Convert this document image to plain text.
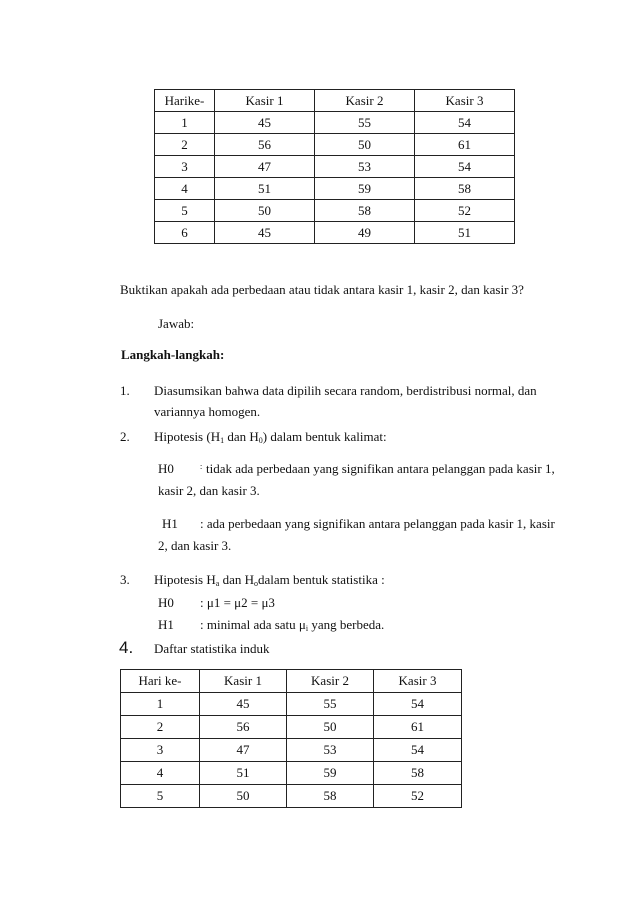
Harike-	Kasir 1	Kasir 2	Kasir 3
1	45	55	54
2	56	50	61
3	47	53	54
4	51	59	58
5	50	58	52
6	45	49	51
Buktikan apakah ada perbedaan atau tidak antara kasir 1, kasir 2, dan kasir 3?
Jawab:
Langkah-langkah:
1. Diasumsikan bahwa data dipilih secara random, berdistribusi normal, dan
variannya homogen.
2. Hipotesis ($H_1$ dan $H_0$) dalam bentuk kalimat:
H0	: tidak ada perbedaan yang signifikan antara pelanggan pada kasir 1,
kasir 2, dan kasir 3.
H1 : ada perbedaan yang signifikan antara pelanggan pada kasir 1, kasir
2, dan kasir 3.
3. Hipotesis $H_a$ dan $H_odalam$ bentuk statistika :
H0 : μ1 = μ2 = μ3
H1 : minimal ada satu $\mu_i$ yang berbeda.
4. Daftar statistika induk
Hari ke-	Kasir 1	Kasir 2	Kasir 3
1	45	55	54
2	56	50	61
3	47	53	54
4	51	59	58
5	50	58	52
